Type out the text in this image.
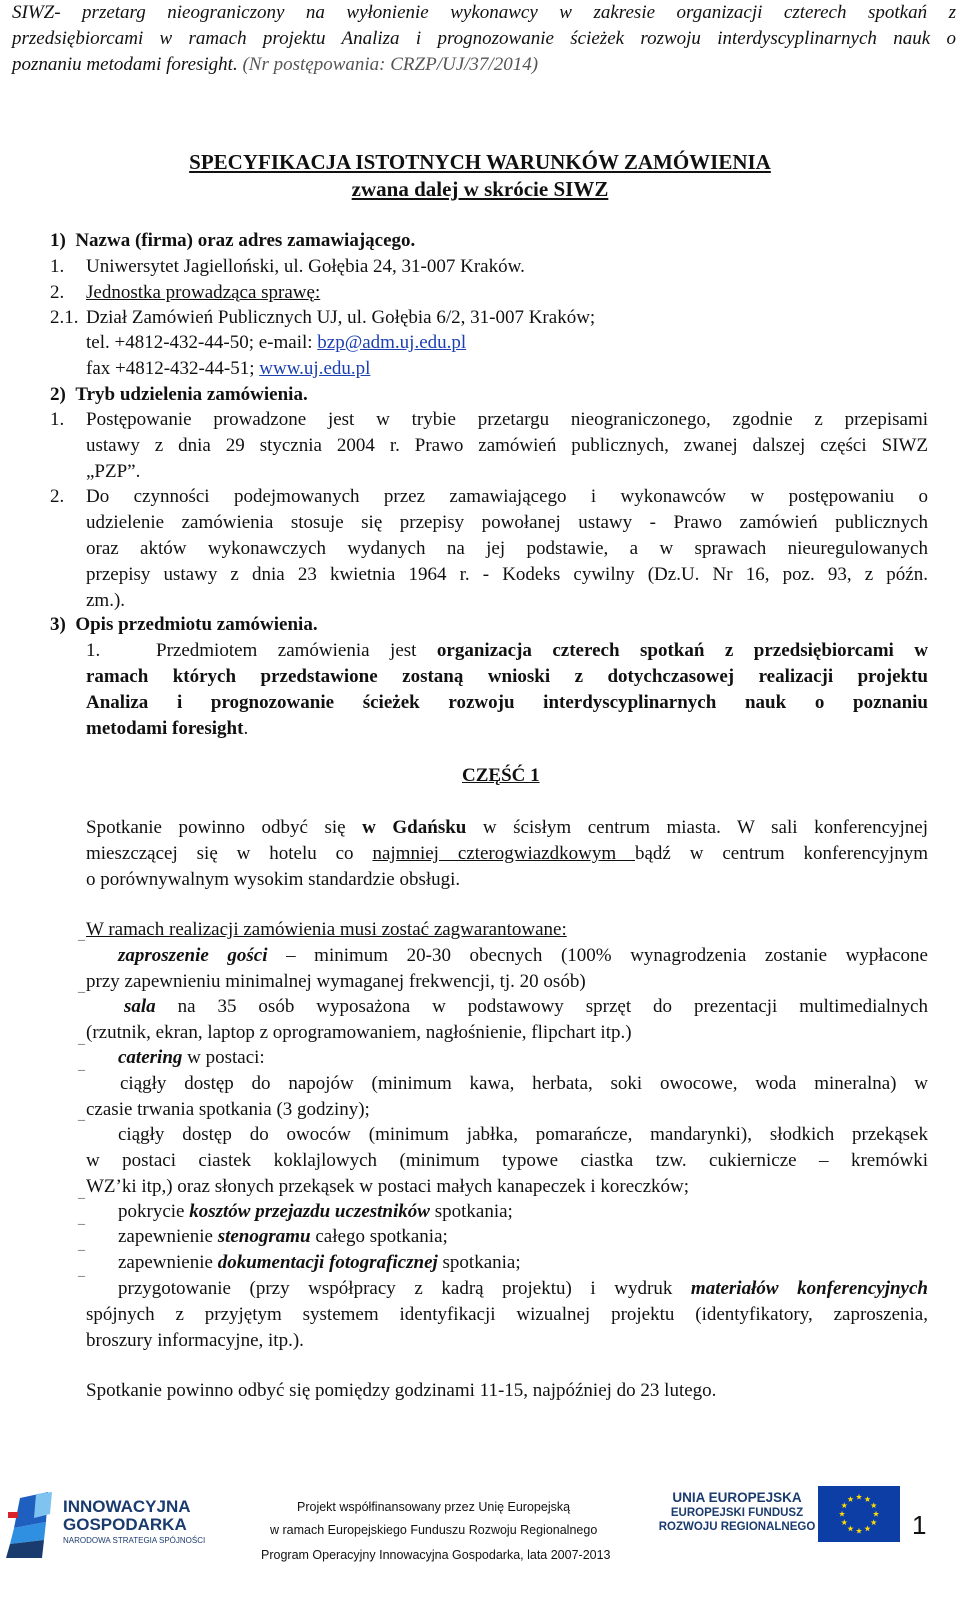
SIWZ- przetarg nieograniczony na wyłonienie wykonawcy w zakresie organizacji czterech spotkań z
przedsiębiorcami w ramach projektu Analiza i prognozowanie ścieżek rozwoju interdyscyplinarnych nauk o
poznaniu metodami foresight. (Nr postępowania: CRZP/UJ/37/2014)
SPECYFIKACJA ISTOTNYCH WARUNKÓW ZAMÓWIENIA
zwana dalej w skrócie SIWZ
1)  Nazwa (firma) oraz adres zamawiającego.
1. Uniwersytet Jagielloński, ul. Gołębia 24, 31-007 Kraków.
2. Jednostka prowadząca sprawę:
2.1. Dział Zamówień Publicznych UJ, ul. Gołębia 6/2, 31-007 Kraków;
tel. +4812-432-44-50; e-mail: bzp@adm.uj.edu.pl
fax +4812-432-44-51; www.uj.edu.pl
2)  Tryb udzielenia zamówienia.
1. Postępowanie prowadzone jest w trybie przetargu nieograniczonego, zgodnie z przepisami
ustawy z dnia 29 stycznia 2004 r. Prawo zamówień publicznych, zwanej dalszej części SIWZ
„PZP”.
2. Do czynności podejmowanych przez zamawiającego i wykonawców w postępowaniu o
udzielenie zamówienia stosuje się przepisy powołanej ustawy - Prawo zamówień publicznych
oraz aktów wykonawczych wydanych na jej podstawie, a w sprawach nieuregulowanych
przepisy ustawy z dnia 23 kwietnia 1964 r. - Kodeks cywilny (Dz.U. Nr 16, poz. 93, z późn.
zm.).
3)  Opis przedmiotu zamówienia.
1.	Przedmiotem zamówienia jest organizacja czterech spotkań z przedsiębiorcami w
ramach których przedstawione zostaną wnioski z dotychczasowej realizacji projektu
Analiza i prognozowanie ścieżek rozwoju interdyscyplinarnych nauk o poznaniu
metodami foresight.
CZĘŚĆ 1
Spotkanie powinno odbyć się w Gdańsku w ścisłym centrum miasta. W sali konferencyjnej
mieszczącej się w hotelu co najmniej czterogwiazdkowym bądź w centrum konferencyjnym
o porównywalnym wysokim standardzie obsługi.
_ W ramach realizacji zamówienia musi zostać zagwarantowane:
zaproszenie gości – minimum 20-30 obecnych (100% wynagrodzenia zostanie wypłacone
przy zapewnieniu minimalnej wymaganej frekwencji, tj. 20 osób)
_
sala na 35 osób wyposażona w podstawowy sprzęt do prezentacji multimedialnych
(rzutnik, ekran, laptop z oprogramowaniem, nagłośnienie, flipchart itp.)
_
catering w postaci:
_
ciągły dostęp do napojów (minimum kawa, herbata, soki owocowe, woda mineralna) w
czasie trwania spotkania (3 godziny);
_
ciągły dostęp do owoców (minimum jabłka, pomarańcze, mandarynki), słodkich przekąsek
w postaci ciastek koklajlowych (minimum typowe ciastka tzw. cukiernicze – kremówki
WZ’ki itp,) oraz słonych przekąsek w postaci małych kanapeczek i koreczków;
_
pokrycie kosztów przejazdu uczestników spotkania;
_
zapewnienie stenogramu całego spotkania;
_
zapewnienie dokumentacji fotograficznej spotkania;
_
przygotowanie (przy współpracy z kadrą projektu) i wydruk materiałów konferencyjnych
spójnych z przyjętym systemem identyfikacji wizualnej projektu (identyfikatory, zaproszenia,
broszury informacyjne, itp.).
Spotkanie powinno odbyć się pomiędzy godzinami 11-15, najpóźniej do 23 lutego.
INNOWACYJNA
GOSPODARKA
NARODOWA STRATEGIA SPÓJNOŚCI
Projekt współfinansowany przez Unię Europejską
w ramach Europejskiego Funduszu Rozwoju Regionalnego
Program Operacyjny Innowacyjna Gospodarka, lata 2007-2013
UNIA EUROPEJSKA
EUROPEJSKI FUNDUSZ
ROZWOJU REGIONALNEGO	1
